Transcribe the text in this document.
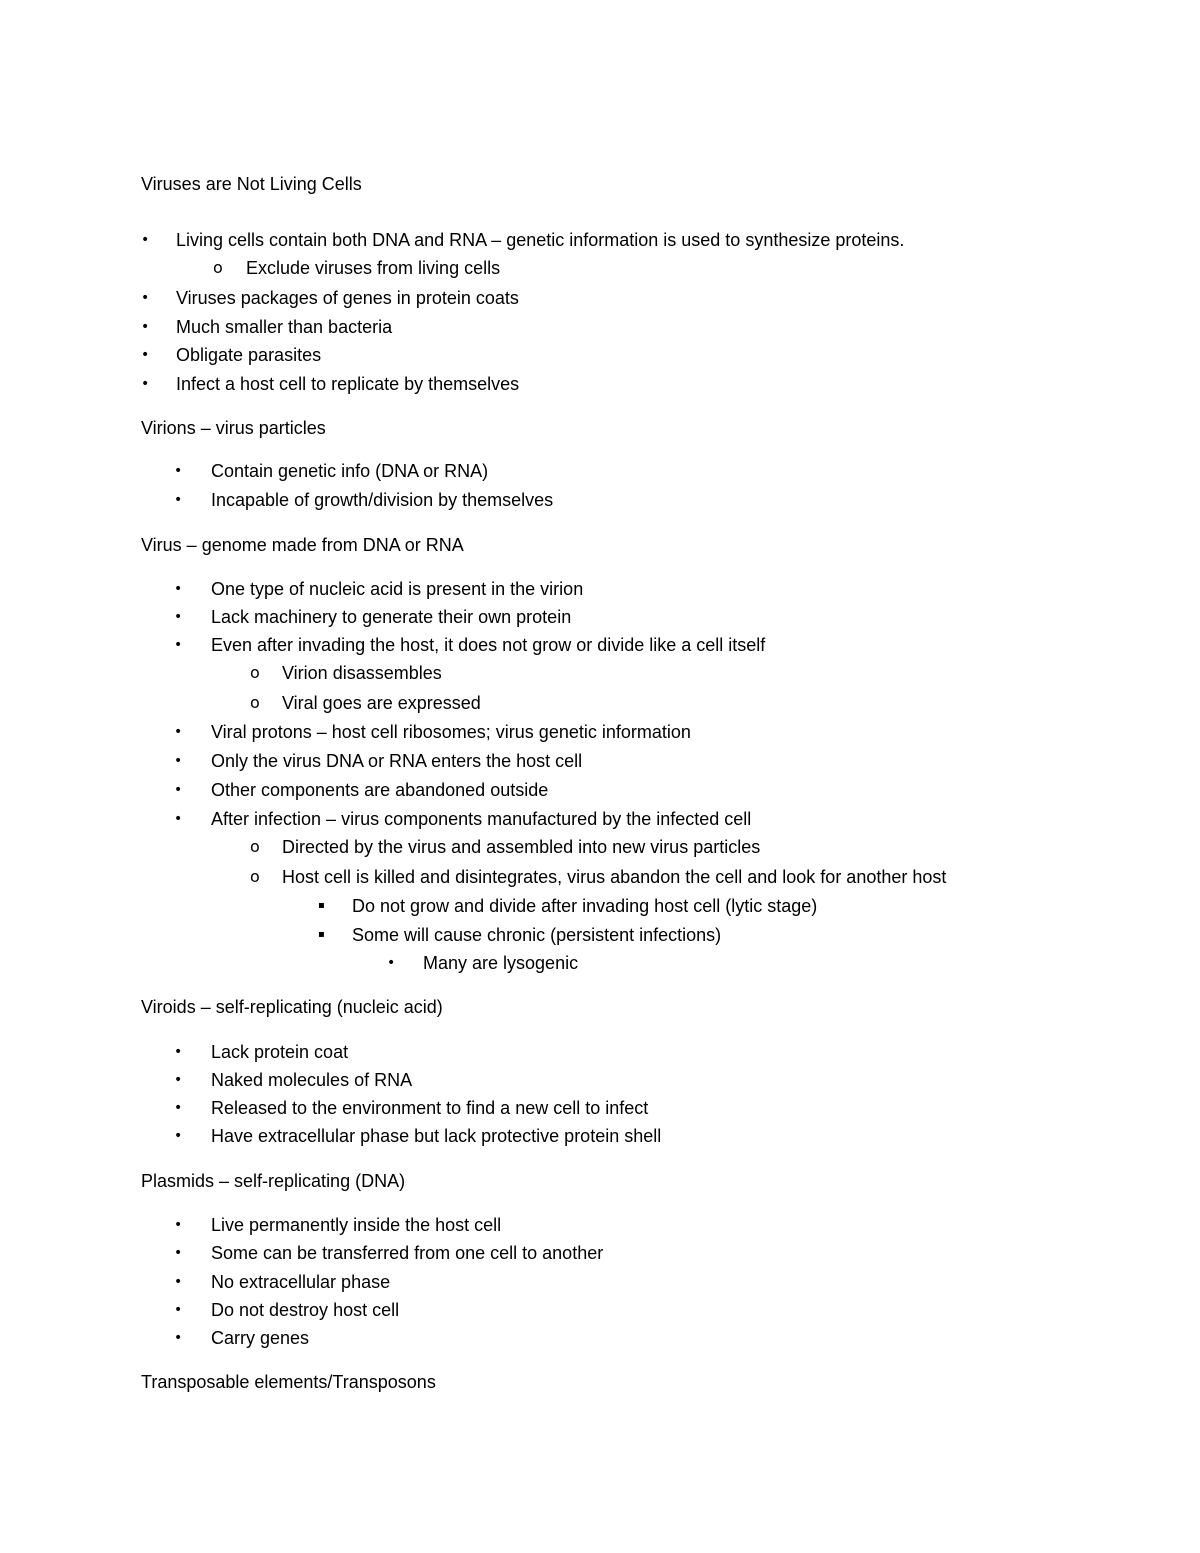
Viruses are Not Living Cells
• Living cells contain both DNA and RNA – genetic information is used to synthesize proteins.
o Exclude viruses from living cells
• Viruses packages of genes in protein coats
• Much smaller than bacteria
• Obligate parasites
• Infect a host cell to replicate by themselves
Virions – virus particles
• Contain genetic info (DNA or RNA)
• Incapable of growth/division by themselves
Virus – genome made from DNA or RNA
• One type of nucleic acid is present in the virion
• Lack machinery to generate their own protein
• Even after invading the host, it does not grow or divide like a cell itself
o Virion disassembles
o Viral goes are expressed
• Viral protons – host cell ribosomes; virus genetic information
• Only the virus DNA or RNA enters the host cell
• Other components are abandoned outside
• After infection – virus components manufactured by the infected cell
o Directed by the virus and assembled into new virus particles
o Host cell is killed and disintegrates, virus abandon the cell and look for another host
▪ Do not grow and divide after invading host cell (lytic stage)
▪ Some will cause chronic (persistent infections)
• Many are lysogenic
Viroids – self-replicating (nucleic acid)
• Lack protein coat
• Naked molecules of RNA
• Released to the environment to find a new cell to infect
• Have extracellular phase but lack protective protein shell
Plasmids – self-replicating (DNA)
• Live permanently inside the host cell
• Some can be transferred from one cell to another
• No extracellular phase
• Do not destroy host cell
• Carry genes
Transposable elements/Transposons
